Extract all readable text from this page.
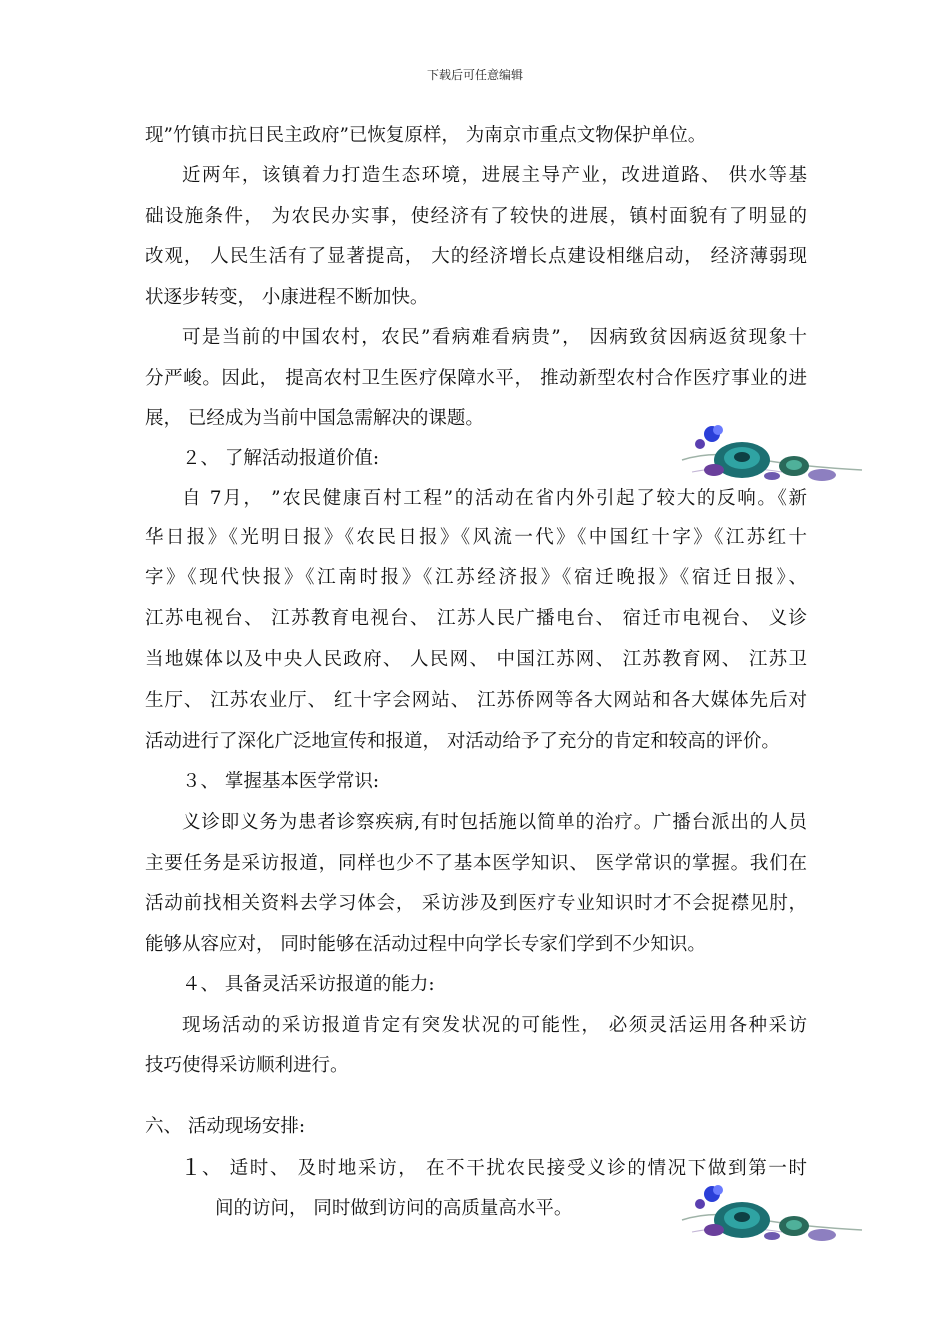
下载后可任意编辑
现”竹镇市抗日民主政府”已恢复原样， 为南京市重点文物保护单位。
近两年，该镇着力打造生态环境，进展主导产业，改进道路、 供水等基
础设施条件， 为农民办实事，使经济有了较快的进展，镇村面貌有了明显的
改观， 人民生活有了显著提高， 大的经济增长点建设相继启动， 经济薄弱现
状逐步转变， 小康进程不断加快。
可是当前的中国农村，农民”看病难看病贵”， 因病致贫因病返贫现象十
分严峻。因此， 提高农村卫生医疗保障水平， 推动新型农村合作医疗事业的进
展， 已经成为当前中国急需解决的课题。
２、 了解活动报道价值:
自 7月， ”农民健康百村工程”的活动在省内外引起了较大的反响。《新
华日报》《光明日报》《农民日报》《风流一代》《中国红十字》《江苏红十
字》《现代快报》《江南时报》《江苏经济报》《宿迁晚报》《宿迁日报》、
江苏电视台、 江苏教育电视台、 江苏人民广播电台、 宿迁市电视台、 义诊
当地媒体以及中央人民政府、 人民网、 中国江苏网、 江苏教育网、 江苏卫
生厅、 江苏农业厅、 红十字会网站、 江苏侨网等各大网站和各大媒体先后对
活动进行了深化广泛地宣传和报道， 对活动给予了充分的肯定和较高的评价。
３、 掌握基本医学常识:
义诊即义务为患者诊察疾病,有时包括施以简单的治疗。广播台派出的人员
主要任务是采访报道，同样也少不了基本医学知识、 医学常识的掌握。我们在
活动前找相关资料去学习体会， 采访涉及到医疗专业知识时才不会捉襟见肘，
能够从容应对， 同时能够在活动过程中向学长专家们学到不少知识。
４、 具备灵活采访报道的能力:
现场活动的采访报道肯定有突发状况的可能性， 必须灵活运用各种采访
技巧使得采访顺利进行。
六、 活动现场安排:
１ 、 适时、 及时地采访， 在不干扰农民接受义诊的情况下做到第一时
间的访问， 同时做到访问的高质量高水平。
